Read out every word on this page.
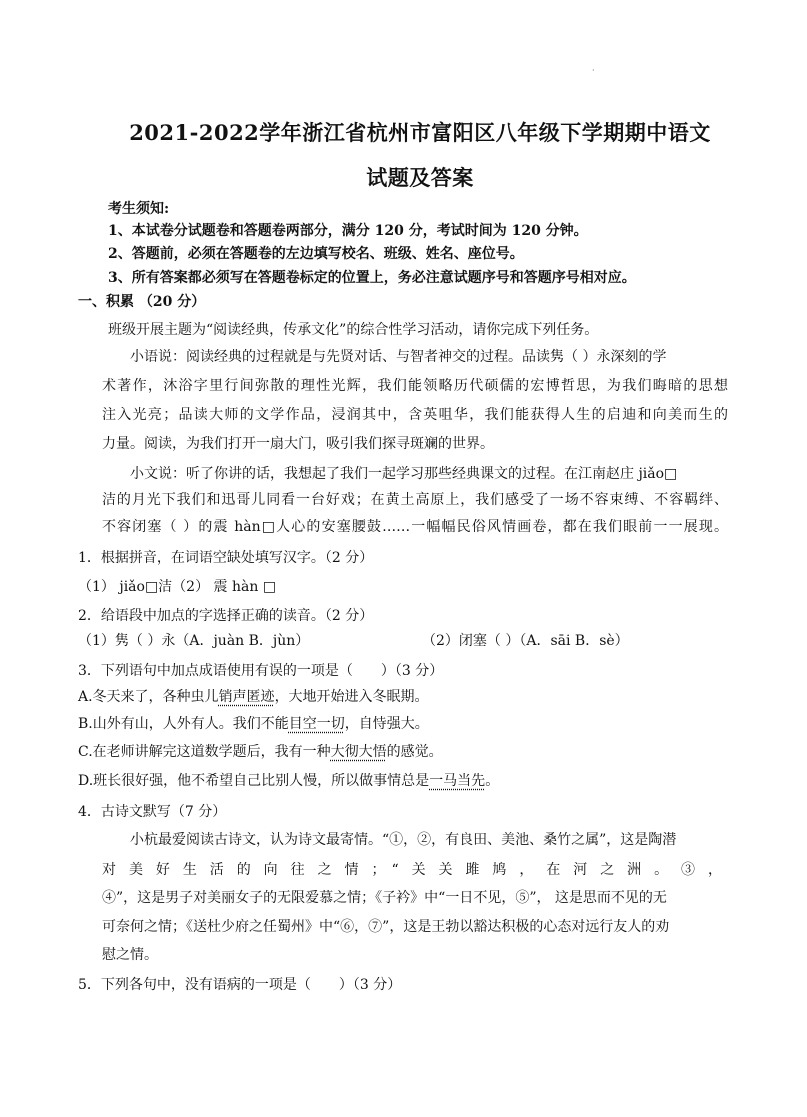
·
2021-2022学年浙江省杭州市富阳区八年级下学期期中语文
试题及答案
考生须知:
1、本试卷分试题卷和答题卷两部分，满分 120 分，考试时间为 120 分钟。
2、答题前，必须在答题卷的左边填写校名、班级、姓名、座位号。
3、所有答案都必须写在答题卷标定的位置上，务必注意试题序号和答题序号相对应。
一、积累 （20 分）
班级开展主题为“阅读经典，传承文化”的综合性学习活动，请你完成下列任务。
小语说：阅读经典的过程就是与先贤对话、与智者神交的过程。品读隽（ ）永深刻的学
术著作，沐浴字里行间弥散的理性光辉，我们能领略历代硕儒的宏博哲思，为我们晦暗的思想
注入光亮；品读大师的文学作品，浸润其中，含英咀华，我们能获得人生的启迪和向美而生的
力量。阅读，为我们打开一扇大门，吸引我们探寻斑斓的世界。
小文说：听了你讲的话，我想起了我们一起学习那些经典课文的过程。在江南赵庄 jiǎo□
洁的月光下我们和迅哥儿同看一台好戏；在黄土高原上，我们感受了一场不容束缚、不容羁绊、
不容闭塞（ ）的震 hàn□人心的安塞腰鼓……一幅幅民俗风情画卷，都在我们眼前一一展现。
1．根据拼音，在词语空缺处填写汉字。（2 分）
（1） jiǎo□洁（2） 震 hàn □
2．给语段中加点的字选择正确的读音。（2 分）
（1）隽（ ）永（A．juàn B．jùn）	（2）闭塞（ ）（A．sāi B．sè）
3．下列语句中加点成语使用有误的一项是（　　）（3 分）
A.冬天来了，各种虫儿销声匿迹，大地开始进入冬眠期。
B.山外有山，人外有人。我们不能目空一切，自恃强大。
C.在老师讲解完这道数学题后，我有一种大彻大悟的感觉。
D.班长很好强，他不希望自己比别人慢，所以做事情总是一马当先。
4．古诗文默写（7 分）
小杭最爱阅读古诗文，认为诗文最寄情。“①，②，有良田、美池、桑竹之属”，这是陶潜
对美好生活的向往之情；“关关雎鸠，在河之洲。③，
④”，这是男子对美丽女子的无限爱慕之情；《子衿》中“一日不见，⑤”， 这是思而不见的无
可奈何之情；《送杜少府之任蜀州》中“⑥，⑦”，这是王勃以豁达积极的心态对远行友人的劝
慰之情。
5．下列各句中，没有语病的一项是（　　）（3 分）
